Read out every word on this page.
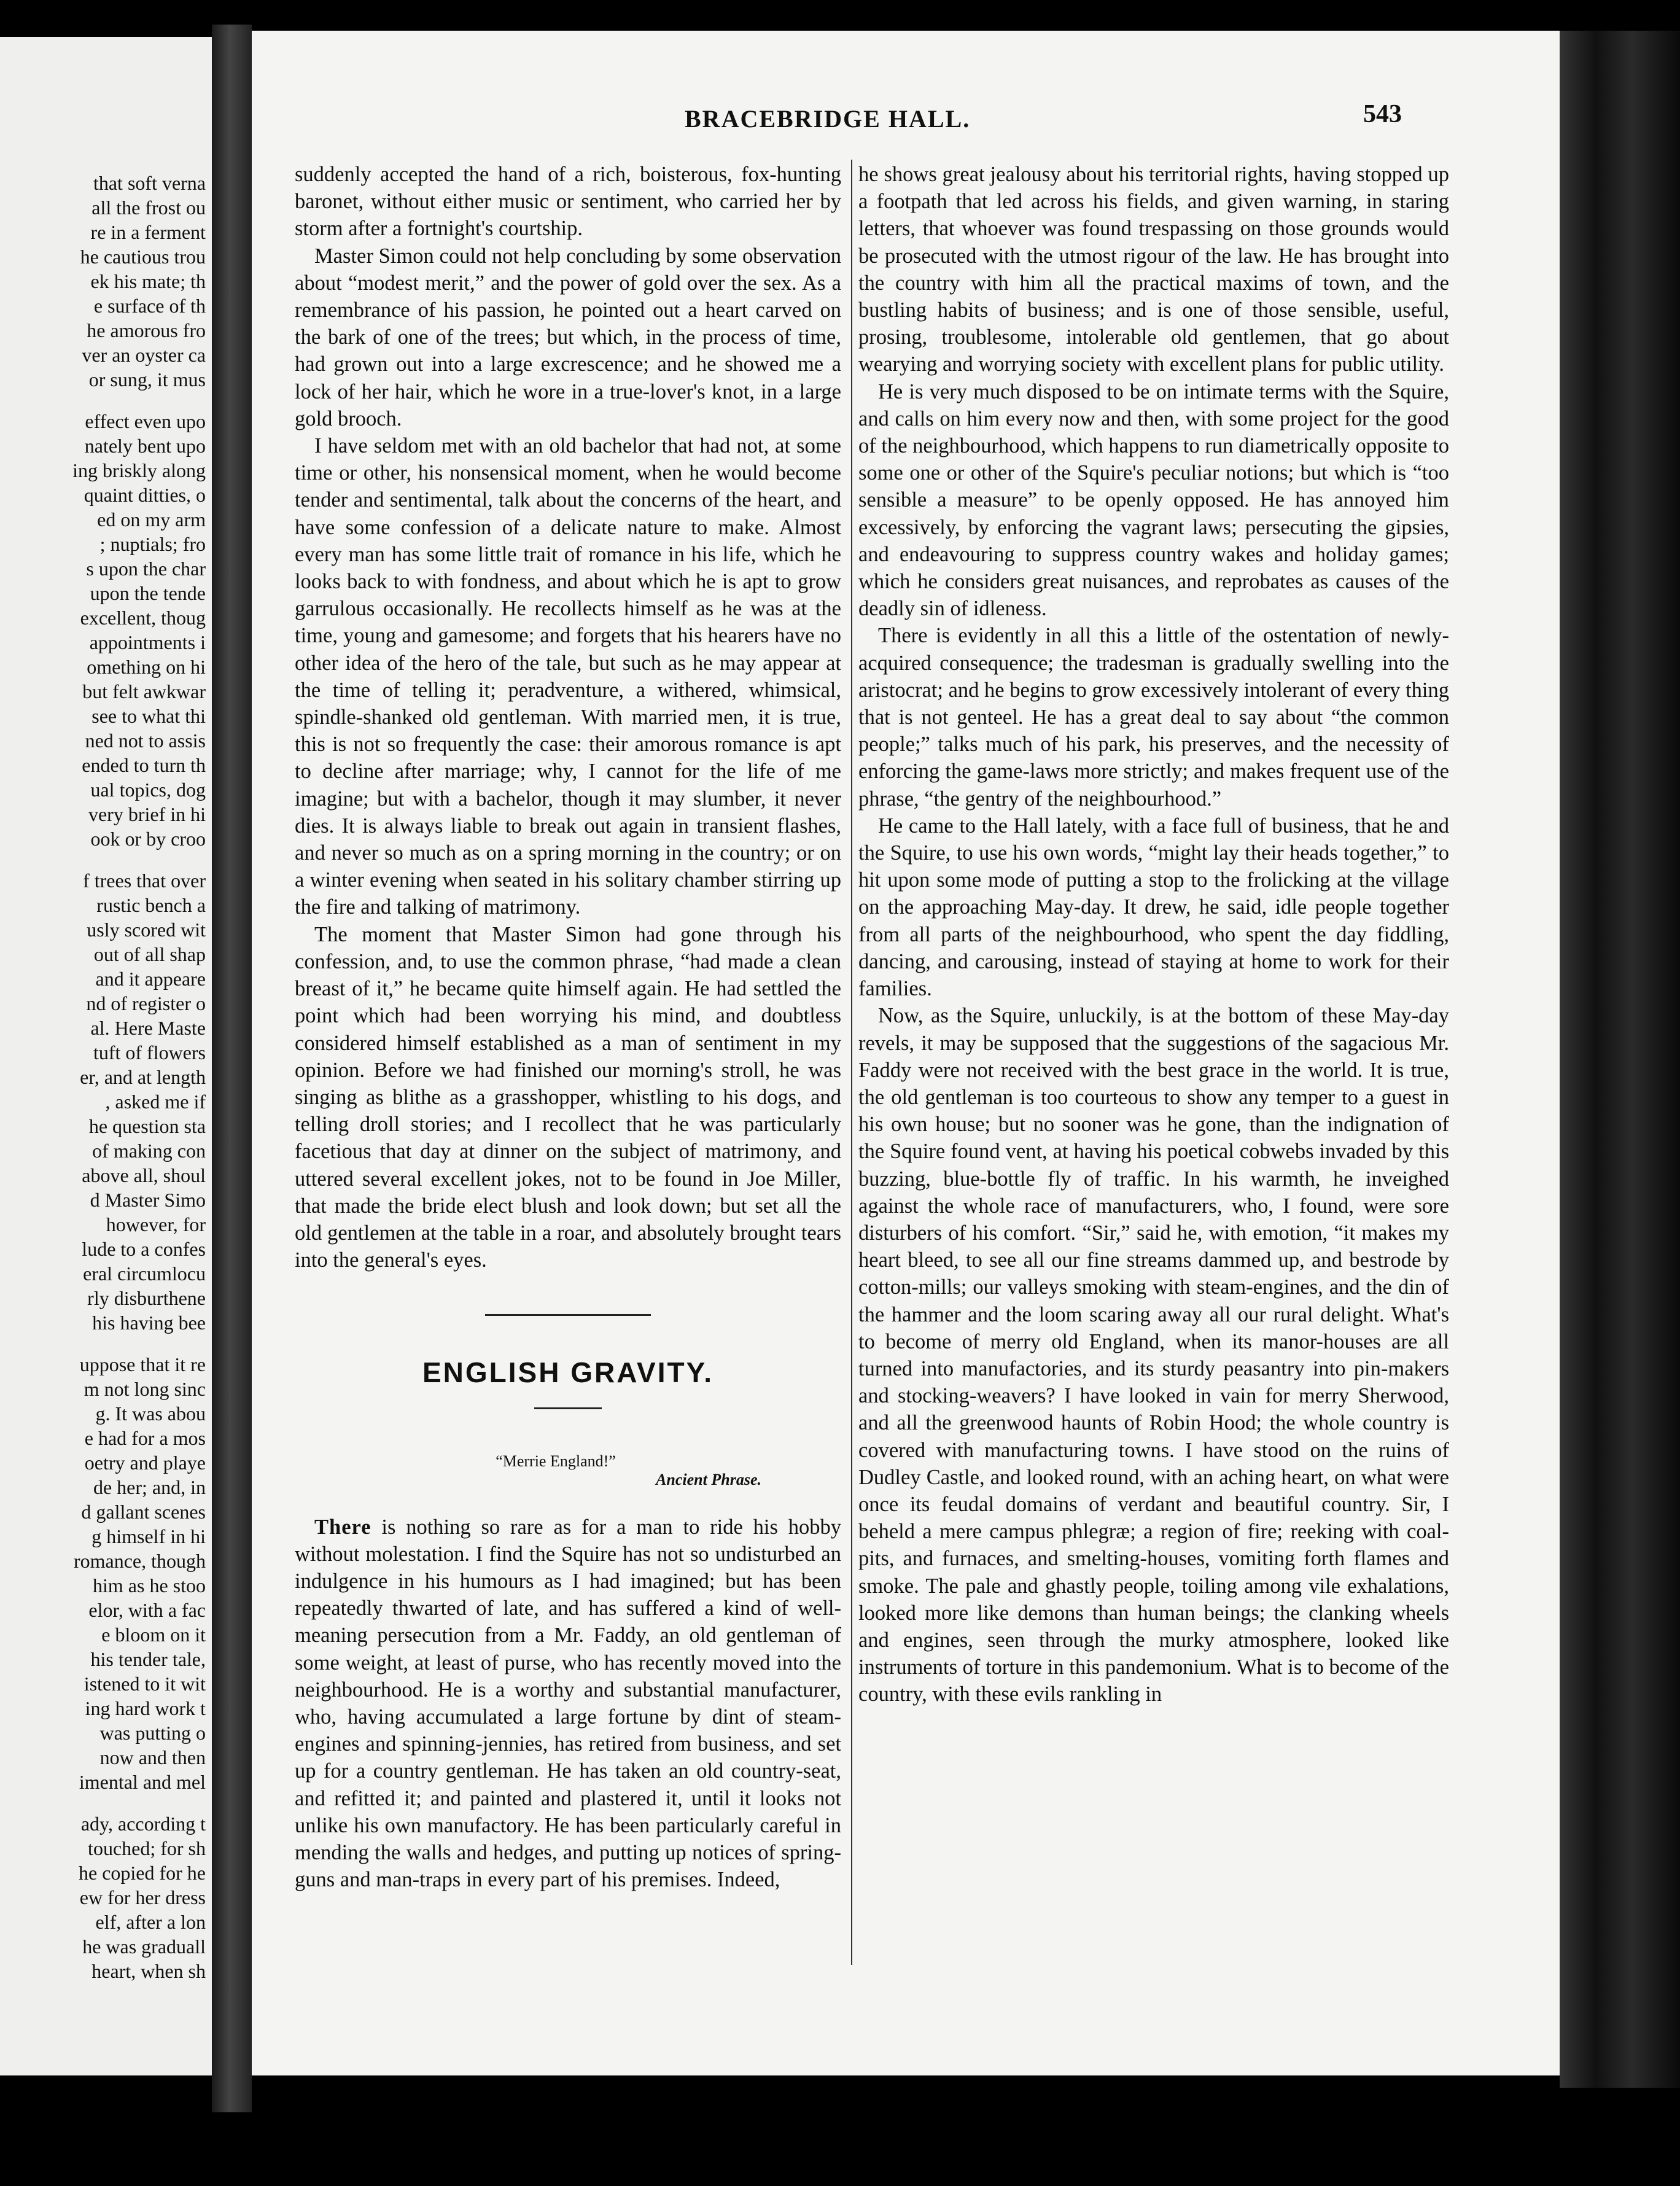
that soft verna

all the frost ou

re in a ferment

he cautious trou

ek his mate; th

e surface of th

he amorous fro

ver an oyster ca

or sung, it mus

effect even upo

nately bent upo

ing briskly along

quaint ditties, o

ed on my arm

; nuptials; fro

s upon the char

upon the tende

excellent, thoug

appointments i

omething on hi

but felt awkwar

see to what thi

ned not to assis

ended to turn th

ual topics, dog

very brief in hi

ook or by croo

f trees that over

rustic bench a

usly scored wit

out of all shap

and it appeare

nd of register o

al. Here Maste

tuft of flowers

er, and at length

, asked me if

he question sta

of making con

above all, shoul

d Master Simo

however, for

lude to a confes

eral circumlocu

rly disburthene

his having bee

uppose that it re

m not long sinc

g. It was abou

e had for a mos

oetry and playe

de her; and, in

d gallant scenes

g himself in hi

romance, though

him as he stoo

elor, with a fac

e bloom on it

his tender tale,

istened to it wit

ing hard work t

was putting o

now and then

imental and mel

ady, according t

touched; for sh

he copied for he

ew for her dress

elf, after a lon

he was graduall

heart, when sh

BRACEBRIDGE HALL.	543

suddenly accepted the hand of a rich, boisterous, fox-hunting baronet, without either music or sentiment, who carried her by storm after a fortnight's courtship.

Master Simon could not help concluding by some observation about “modest merit,” and the power of gold over the sex. As a remembrance of his passion, he pointed out a heart carved on the bark of one of the trees; but which, in the process of time, had grown out into a large excrescence; and he showed me a lock of her hair, which he wore in a true-lover's knot, in a large gold brooch.

I have seldom met with an old bachelor that had not, at some time or other, his nonsensical moment, when he would become tender and sentimental, talk about the concerns of the heart, and have some confession of a delicate nature to make. Almost every man has some little trait of romance in his life, which he looks back to with fondness, and about which he is apt to grow garrulous occasionally. He recollects himself as he was at the time, young and gamesome; and forgets that his hearers have no other idea of the hero of the tale, but such as he may appear at the time of telling it; peradventure, a withered, whimsical, spindle-shanked old gentleman. With married men, it is true, this is not so frequently the case: their amorous romance is apt to decline after marriage; why, I cannot for the life of me imagine; but with a bachelor, though it may slumber, it never dies. It is always liable to break out again in transient flashes, and never so much as on a spring morning in the country; or on a winter evening when seated in his solitary chamber stirring up the fire and talking of matrimony.

The moment that Master Simon had gone through his confession, and, to use the common phrase, “had made a clean breast of it,” he became quite himself again. He had settled the point which had been worrying his mind, and doubtless considered himself established as a man of sentiment in my opinion. Before we had finished our morning's stroll, he was singing as blithe as a grasshopper, whistling to his dogs, and telling droll stories; and I recollect that he was particularly facetious that day at dinner on the subject of matrimony, and uttered several excellent jokes, not to be found in Joe Miller, that made the bride elect blush and look down; but set all the old gentlemen at the table in a roar, and absolutely brought tears into the general's eyes.

ENGLISH GRAVITY.
“Merrie England!”
Ancient Phrase.

There is nothing so rare as for a man to ride his hobby without molestation. I find the Squire has not so undisturbed an indulgence in his humours as I had imagined; but has been repeatedly thwarted of late, and has suffered a kind of well-meaning persecution from a Mr. Faddy, an old gentleman of some weight, at least of purse, who has recently moved into the neighbourhood. He is a worthy and substantial manufacturer, who, having accumulated a large fortune by dint of steam-engines and spinning-jennies, has retired from business, and set up for a country gentleman. He has taken an old country-seat, and refitted it; and painted and plastered it, until it looks not unlike his own manufactory. He has been particularly careful in mending the walls and hedges, and putting up notices of spring-guns and man-traps in every part of his premises. Indeed,

he shows great jealousy about his territorial rights, having stopped up a footpath that led across his fields, and given warning, in staring letters, that whoever was found trespassing on those grounds would be prosecuted with the utmost rigour of the law. He has brought into the country with him all the practical maxims of town, and the bustling habits of business; and is one of those sensible, useful, prosing, troublesome, intolerable old gentlemen, that go about wearying and worrying society with excellent plans for public utility.

He is very much disposed to be on intimate terms with the Squire, and calls on him every now and then, with some project for the good of the neighbourhood, which happens to run diametrically opposite to some one or other of the Squire's peculiar notions; but which is “too sensible a measure” to be openly opposed. He has annoyed him excessively, by enforcing the vagrant laws; persecuting the gipsies, and endeavouring to suppress country wakes and holiday games; which he considers great nuisances, and reprobates as causes of the deadly sin of idleness.

There is evidently in all this a little of the ostentation of newly-acquired consequence; the tradesman is gradually swelling into the aristocrat; and he begins to grow excessively intolerant of every thing that is not genteel. He has a great deal to say about “the common people;” talks much of his park, his preserves, and the necessity of enforcing the game-laws more strictly; and makes frequent use of the phrase, “the gentry of the neighbourhood.”

He came to the Hall lately, with a face full of business, that he and the Squire, to use his own words, “might lay their heads together,” to hit upon some mode of putting a stop to the frolicking at the village on the approaching May-day. It drew, he said, idle people together from all parts of the neighbourhood, who spent the day fiddling, dancing, and carousing, instead of staying at home to work for their families.

Now, as the Squire, unluckily, is at the bottom of these May-day revels, it may be supposed that the suggestions of the sagacious Mr. Faddy were not received with the best grace in the world. It is true, the old gentleman is too courteous to show any temper to a guest in his own house; but no sooner was he gone, than the indignation of the Squire found vent, at having his poetical cobwebs invaded by this buzzing, blue-bottle fly of traffic. In his warmth, he inveighed against the whole race of manufacturers, who, I found, were sore disturbers of his comfort. “Sir,” said he, with emotion, “it makes my heart bleed, to see all our fine streams dammed up, and bestrode by cotton-mills; our valleys smoking with steam-engines, and the din of the hammer and the loom scaring away all our rural delight. What's to become of merry old England, when its manor-houses are all turned into manufactories, and its sturdy peasantry into pin-makers and stocking-weavers? I have looked in vain for merry Sherwood, and all the greenwood haunts of Robin Hood; the whole country is covered with manufacturing towns. I have stood on the ruins of Dudley Castle, and looked round, with an aching heart, on what were once its feudal domains of verdant and beautiful country. Sir, I beheld a mere campus phlegræ; a region of fire; reeking with coal-pits, and furnaces, and smelting-houses, vomiting forth flames and smoke. The pale and ghastly people, toiling among vile exhalations, looked more like demons than human beings; the clanking wheels and engines, seen through the murky atmosphere, looked like instruments of torture in this pandemonium. What is to become of the country, with these evils rankling in
